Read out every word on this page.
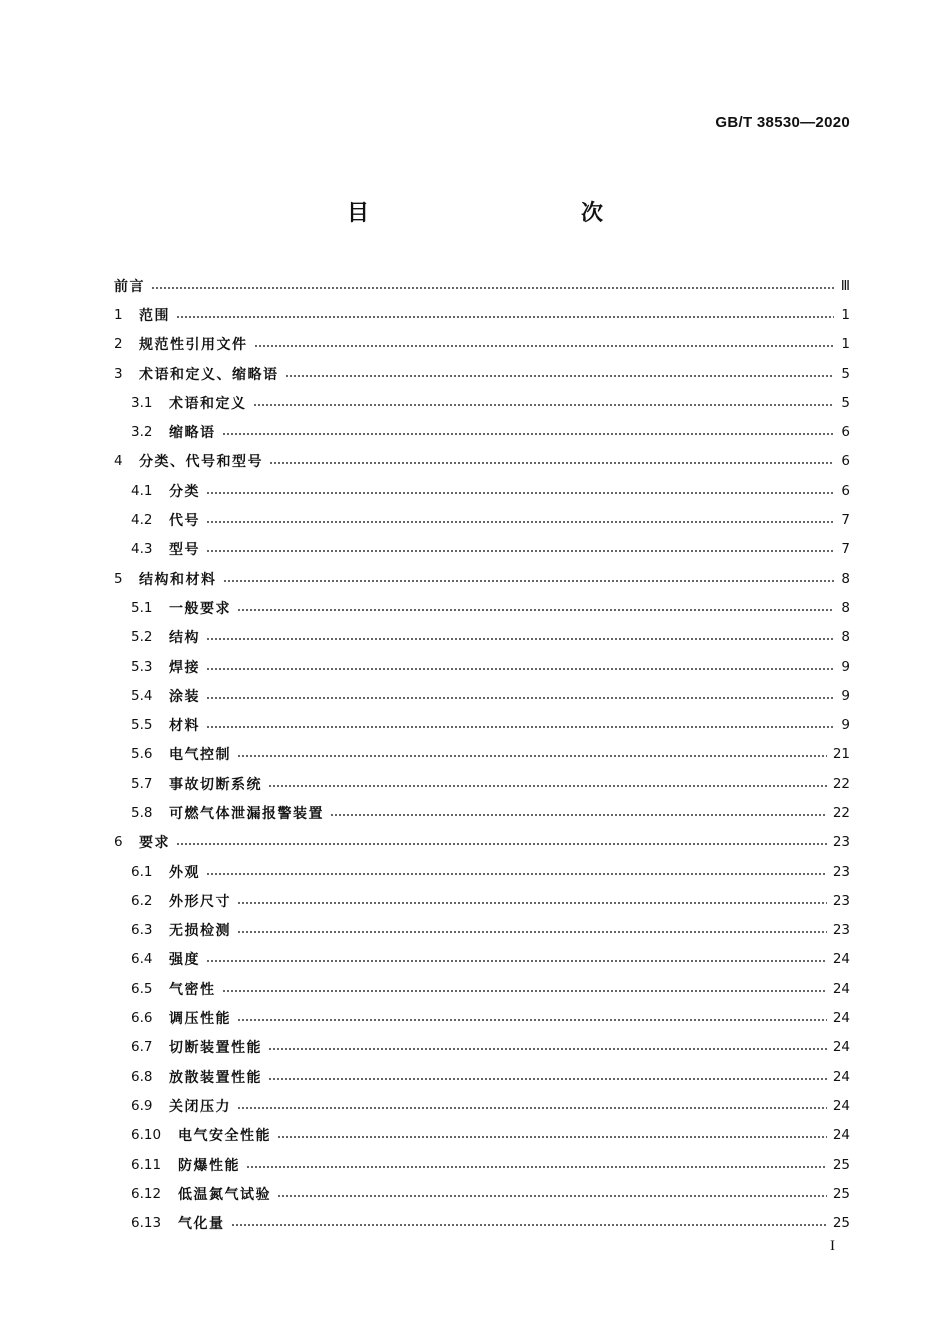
GB/T 38530—2020
目　　次
前言	Ⅲ
1	范围	1
2	规范性引用文件	1
3	术语和定义、缩略语	5
3.1	术语和定义	5
3.2	缩略语	6
4	分类、代号和型号	6
4.1	分类	6
4.2	代号	7
4.3	型号	7
5	结构和材料	8
5.1	一般要求	8
5.2	结构	8
5.3	焊接	9
5.4	涂装	9
5.5	材料	9
5.6	电气控制	21
5.7	事故切断系统	22
5.8	可燃气体泄漏报警装置	22
6	要求	23
6.1	外观	23
6.2	外形尺寸	23
6.3	无损检测	23
6.4	强度	24
6.5	气密性	24
6.6	调压性能	24
6.7	切断装置性能	24
6.8	放散装置性能	24
6.9	关闭压力	24
6.10	电气安全性能	24
6.11	防爆性能	25
6.12	低温氮气试验	25
6.13	气化量	25
I
